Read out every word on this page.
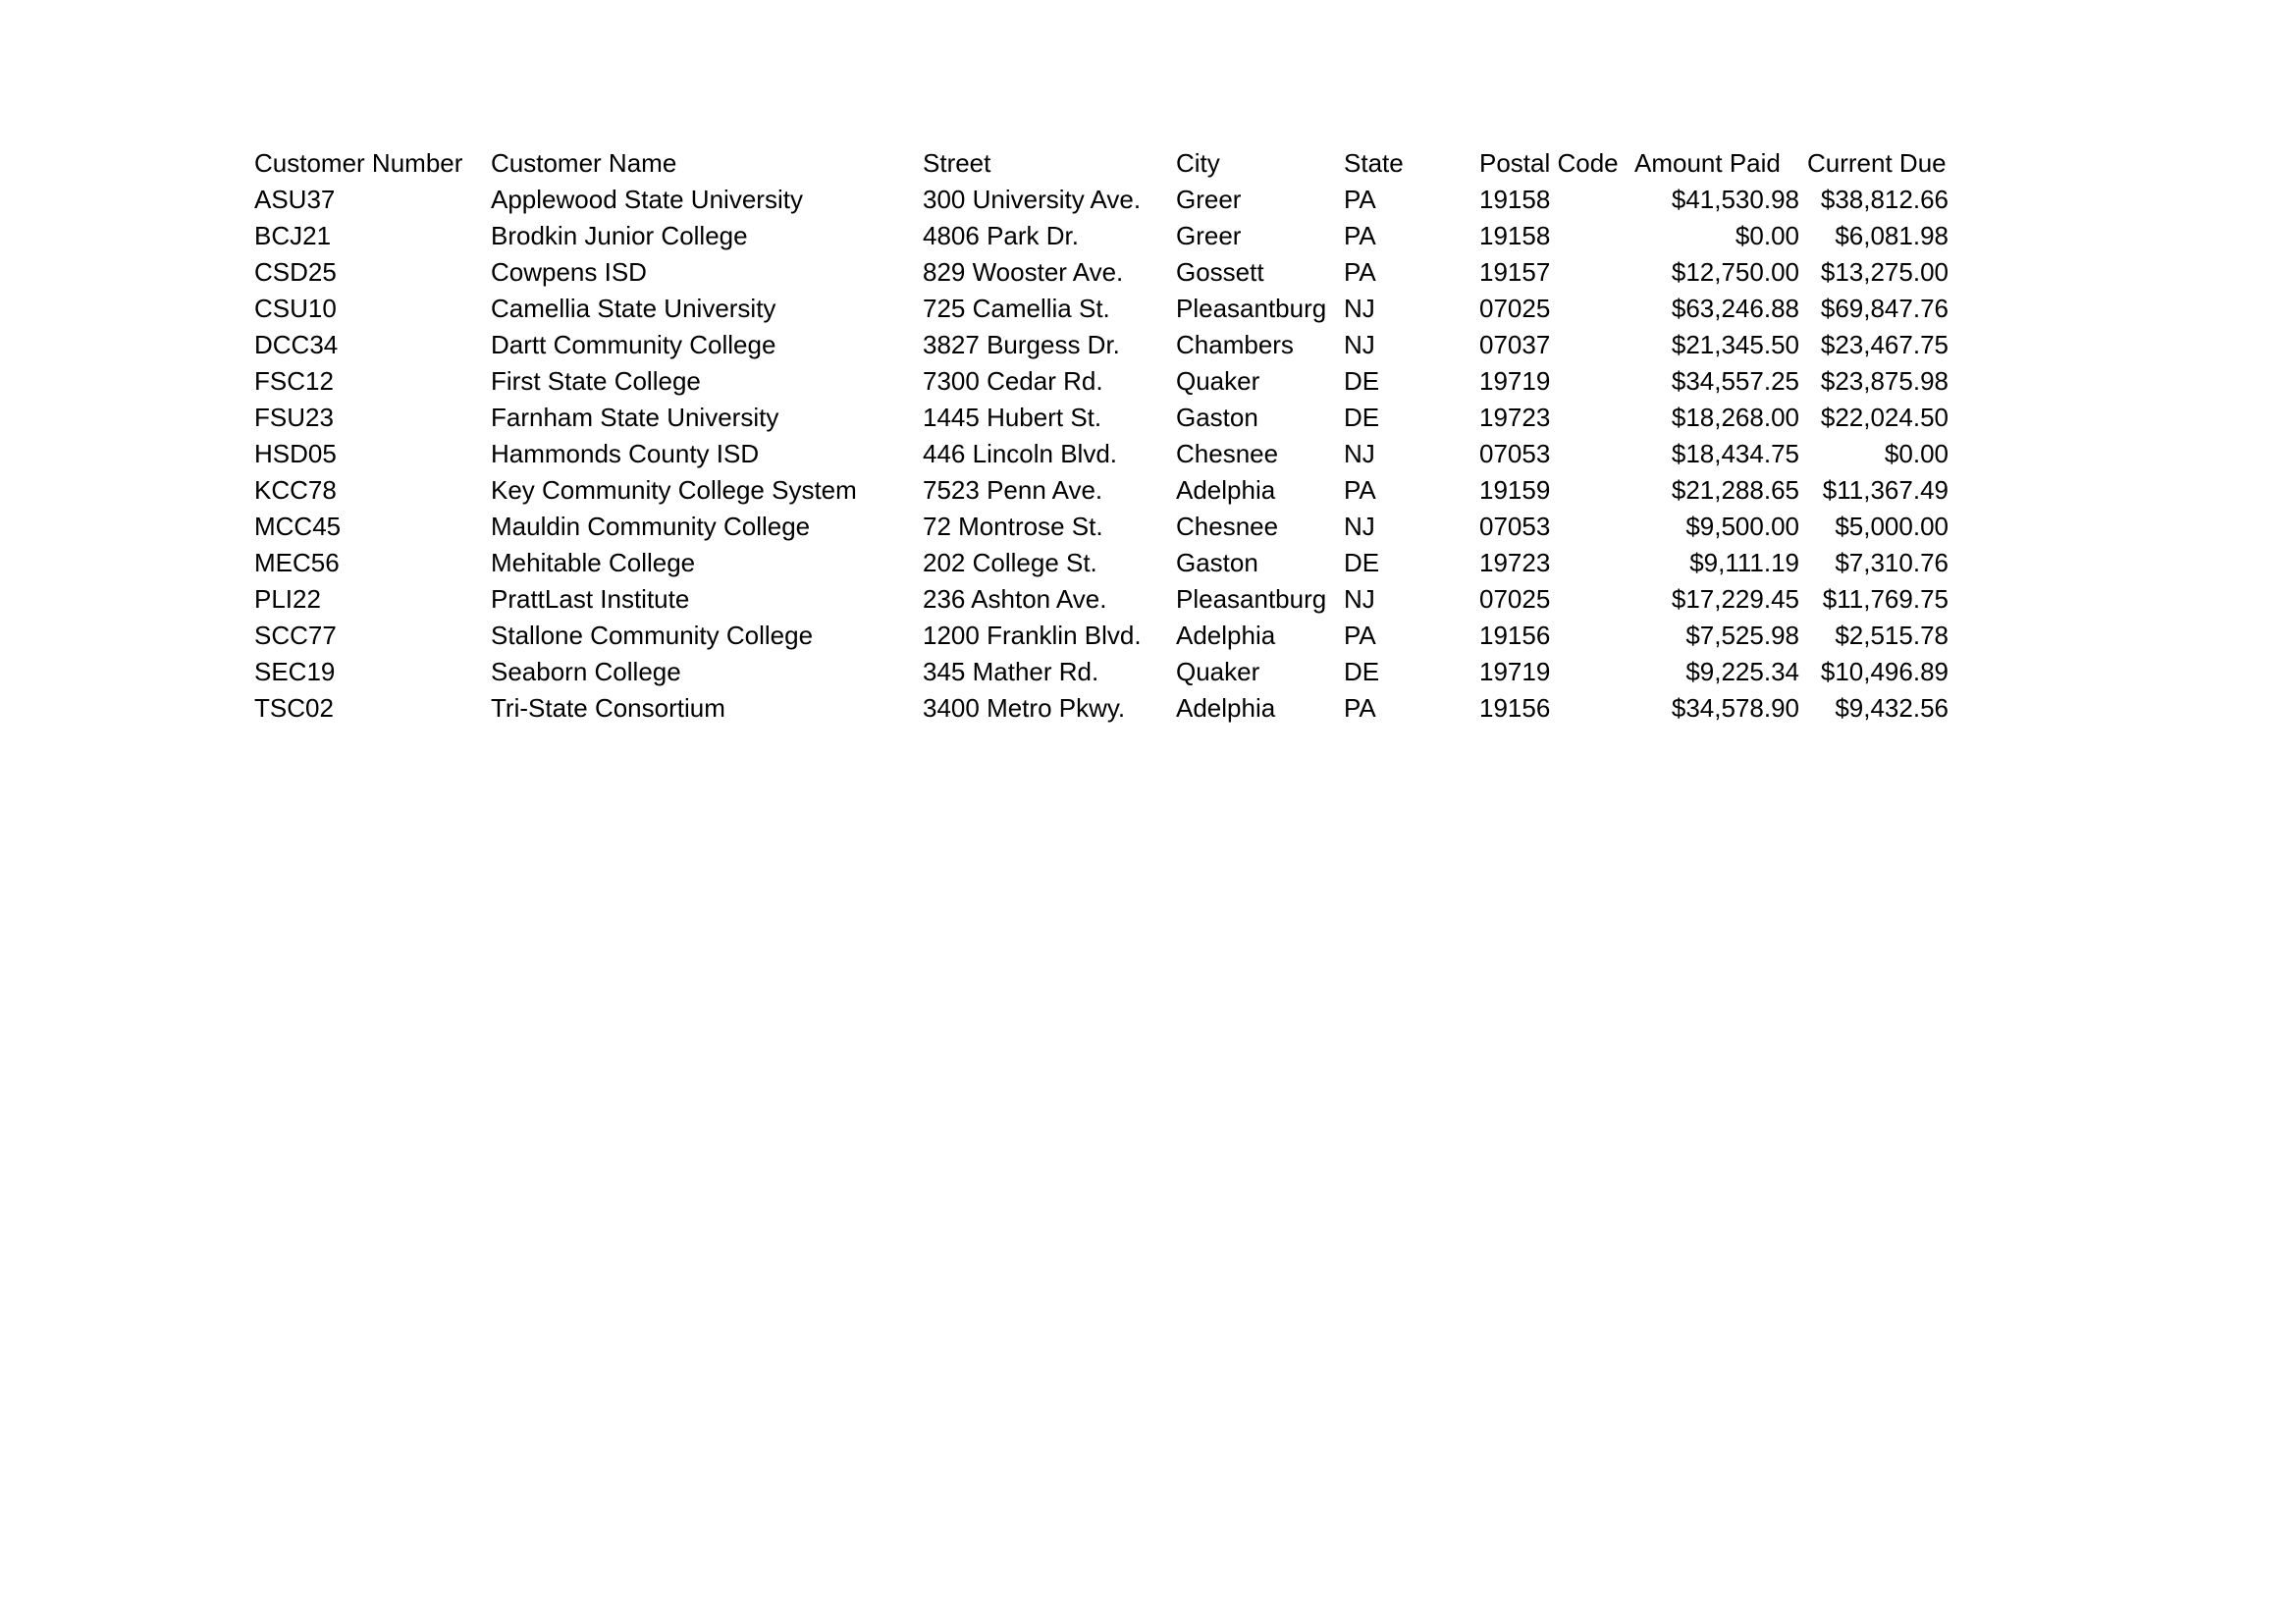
Customer Number	Customer Name	Street	City	State	Postal Code	Amount Paid	Current Due
ASU37	Applewood State University	300 University Ave.	Greer	PA	19158	$41,530.98	$38,812.66
BCJ21	Brodkin Junior College	4806 Park Dr.	Greer	PA	19158	$0.00	$6,081.98
CSD25	Cowpens ISD	829 Wooster Ave.	Gossett	PA	19157	$12,750.00	$13,275.00
CSU10	Camellia State University	725 Camellia St.	Pleasantburg	NJ	07025	$63,246.88	$69,847.76
DCC34	Dartt Community College	3827 Burgess Dr.	Chambers	NJ	07037	$21,345.50	$23,467.75
FSC12	First State College	7300 Cedar Rd.	Quaker	DE	19719	$34,557.25	$23,875.98
FSU23	Farnham State University	1445 Hubert St.	Gaston	DE	19723	$18,268.00	$22,024.50
HSD05	Hammonds County ISD	446 Lincoln Blvd.	Chesnee	NJ	07053	$18,434.75	$0.00
KCC78	Key Community College System	7523 Penn Ave.	Adelphia	PA	19159	$21,288.65	$11,367.49
MCC45	Mauldin Community College	72 Montrose St.	Chesnee	NJ	07053	$9,500.00	$5,000.00
MEC56	Mehitable College	202 College St.	Gaston	DE	19723	$9,111.19	$7,310.76
PLI22	PrattLast Institute	236 Ashton Ave.	Pleasantburg	NJ	07025	$17,229.45	$11,769.75
SCC77	Stallone Community College	1200 Franklin Blvd.	Adelphia	PA	19156	$7,525.98	$2,515.78
SEC19	Seaborn College	345 Mather Rd.	Quaker	DE	19719	$9,225.34	$10,496.89
TSC02	Tri-State Consortium	3400 Metro Pkwy.	Adelphia	PA	19156	$34,578.90	$9,432.56
